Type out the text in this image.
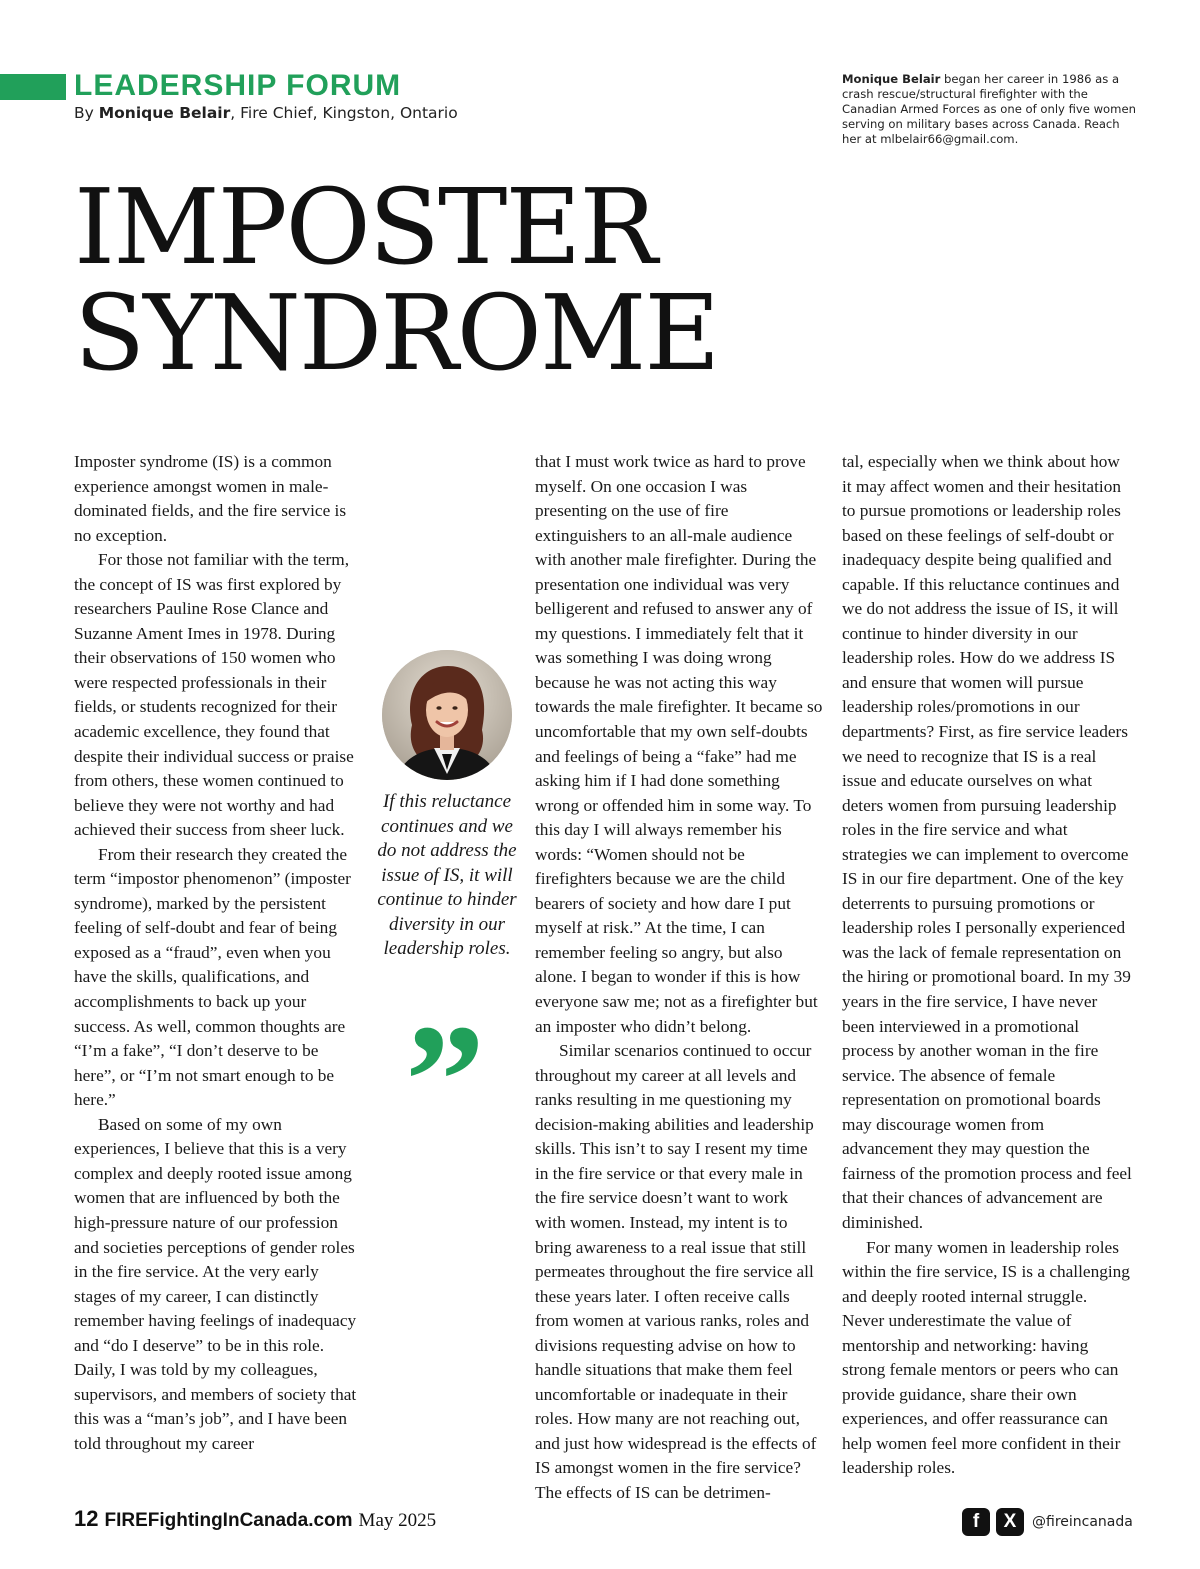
LEADERSHIP FORUM
By Monique Belair, Fire Chief, Kingston, Ontario
Monique Belair began her career in 1986 as a crash rescue/structural firefighter with the Canadian Armed Forces as one of only five women serving on military bases across Canada. Reach her at mlbelair66@gmail.com.
IMPOSTER
SYNDROME

Imposter syndrome (IS) is a common experience amongst women in male-dominated fields, and the fire service is no exception.

For those not familiar with the term, the concept of IS was first explored by researchers Pauline Rose Clance and Suzanne Ament Imes in 1978. During their observations of 150 women who were respected professionals in their fields, or students recognized for their academic excellence, they found that despite their individual success or praise from others, these women continued to believe they were not worthy and had achieved their success from sheer luck.

From their research they created the term “impostor phenomenon” (imposter syndrome), marked by the persistent feeling of self-doubt and fear of being exposed as a “fraud”, even when you have the skills, qualifications, and accomplishments to back up your success. As well, common thoughts are “I’m a fake”, “I don’t deserve to be here”, or “I’m not smart enough to be here.”

Based on some of my own experiences, I believe that this is a very complex and deeply rooted issue among women that are influenced by both the high-pressure nature of our profession and societies perceptions of gender roles in the fire service. At the very early stages of my career, I can distinctly remember having feelings of inadequacy and “do I deserve” to be in this role. Daily, I was told by my colleagues, supervisors, and members of society that this was a “man’s job”, and I have been told throughout my career

If this reluctance continues and we do not address the issue of IS, it will continue to hinder diversity in our leadership roles.
”

that I must work twice as hard to prove myself. On one occasion I was presenting on the use of fire extinguishers to an all-male audience with another male firefighter. During the presentation one individual was very belligerent and refused to answer any of my questions. I immediately felt that it was something I was doing wrong because he was not acting this way towards the male firefighter. It became so uncomfortable that my own self-doubts and feelings of being a “fake” had me asking him if I had done something wrong or offended him in some way. To this day I will always remember his words: “Women should not be firefighters because we are the child bearers of society and how dare I put myself at risk.” At the time, I can remember feeling so angry, but also alone. I began to wonder if this is how everyone saw me; not as a firefighter but an imposter who didn’t belong.

Similar scenarios continued to occur throughout my career at all levels and ranks resulting in me questioning my decision-making abilities and leadership skills. This isn’t to say I resent my time in the fire service or that every male in the fire service doesn’t want to work with women. Instead, my intent is to bring awareness to a real issue that still permeates throughout the fire service all these years later. I often receive calls from women at various ranks, roles and divisions requesting advise on how to handle situations that make them feel uncomfortable or inadequate in their roles. How many are not reaching out, and just how widespread is the effects of IS amongst women in the fire service? The effects of IS can be detrimen-

tal, especially when we think about how it may affect women and their hesitation to pursue promotions or leadership roles based on these feelings of self-doubt or inadequacy despite being qualified and capable. If this reluctance continues and we do not address the issue of IS, it will continue to hinder diversity in our leadership roles. How do we address IS and ensure that women will pursue leadership roles/promotions in our departments? First, as fire service leaders we need to recognize that IS is a real issue and educate ourselves on what deters women from pursuing leadership roles in the fire service and what strategies we can implement to overcome IS in our fire department. One of the key deterrents to pursuing promotions or leadership roles I personally experienced was the lack of female representation on the hiring or promotional board. In my 39 years in the fire service, I have never been interviewed in a promotional process by another woman in the fire service. The absence of female representation on promotional boards may discourage women from advancement they may question the fairness of the promotion process and feel that their chances of advancement are diminished.

For many women in leadership roles within the fire service, IS is a challenging and deeply rooted internal struggle. Never underestimate the value of mentorship and networking: having strong female mentors or peers who can provide guidance, share their own experiences, and offer reassurance can help women feel more confident in their leadership roles.

12 FIREFightingInCanada.com May 2025	f	X	@fireincanada
